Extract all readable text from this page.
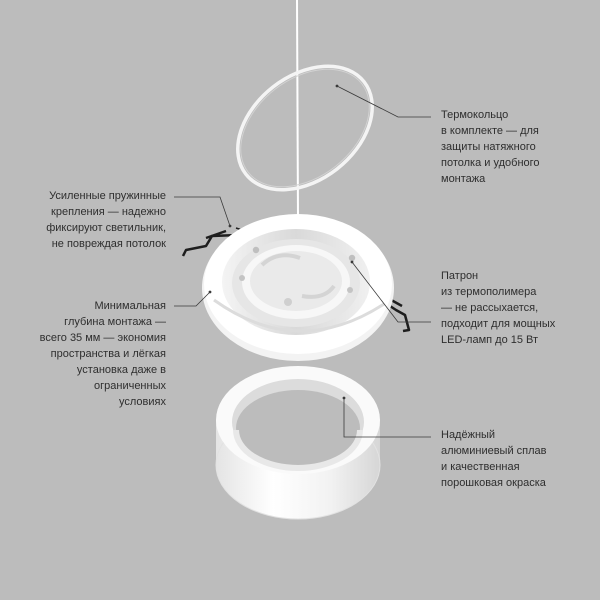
Термокольцо
в комплекте — для
защиты натяжного
потолка и удобного
монтажа
Усиленные пружинные
крепления — надежно
фиксируют светильник,
не повреждая потолок
Патрон
из термополимера
— не рассыхается,
подходит для мощных
LED-ламп до 15 Вт
Минимальная
глубина монтажа —
всего 35 мм — экономия
пространства и лёгкая
установка даже в
ограниченных
условиях
Надёжный
алюминиевый сплав
и качественная
порошковая окраска
